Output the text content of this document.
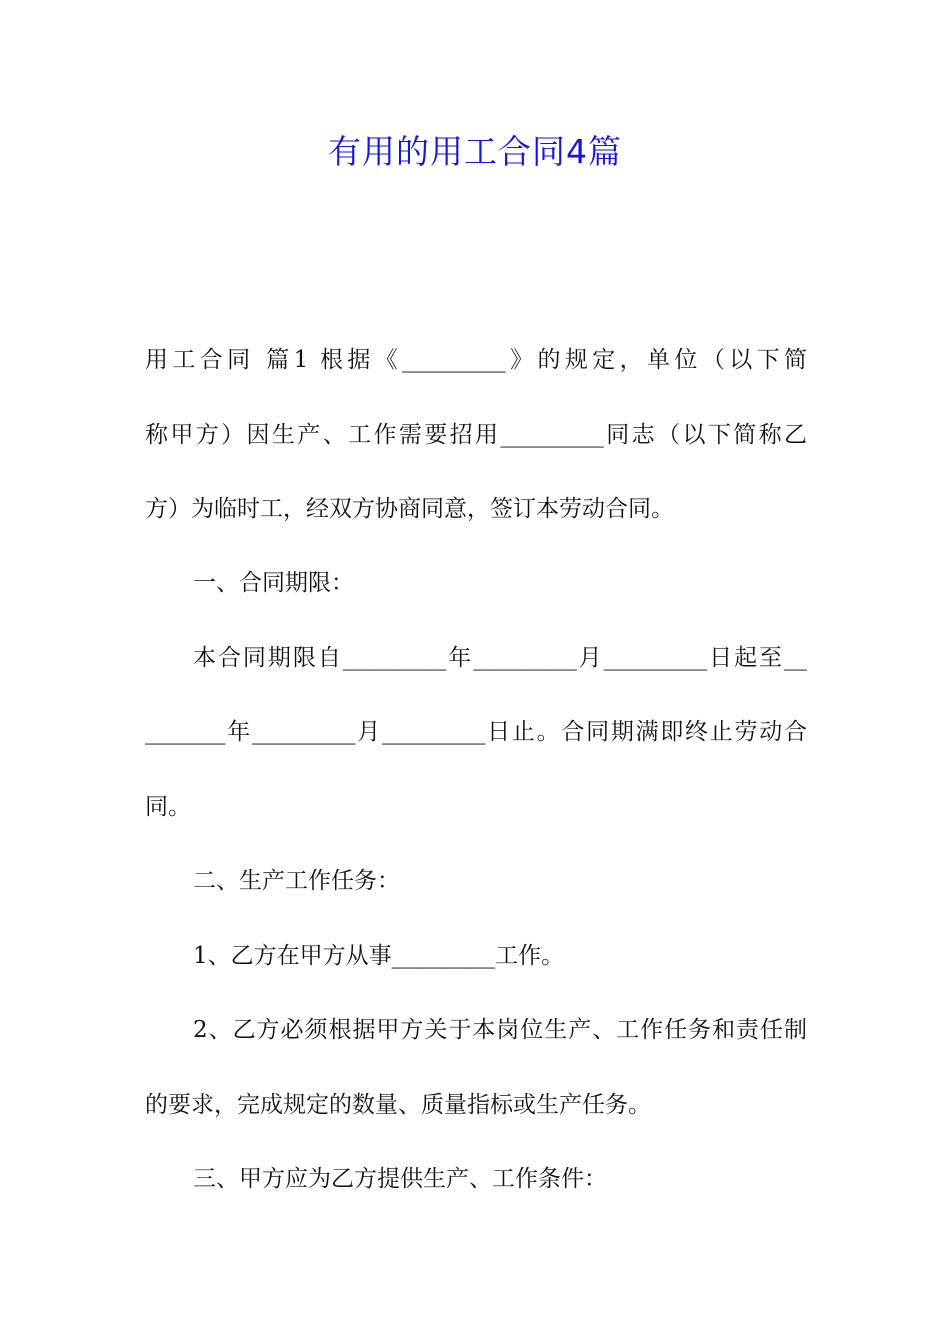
有用的用工合同4篇
用工合同 篇1 根据《_________》的规定，单位（以下简
称甲方）因生产、工作需要招用_________同志（以下简称乙
方）为临时工，经双方协商同意，签订本劳动合同。
一、合同期限：
本合同期限自_________年_________月_________日起至__
_______年_________月_________日止。合同期满即终止劳动合
同。
二、生产工作任务：
1、乙方在甲方从事_________工作。
2、乙方必须根据甲方关于本岗位生产、工作任务和责任制
的要求，完成规定的数量、质量指标或生产任务。
三、甲方应为乙方提供生产、工作条件：
